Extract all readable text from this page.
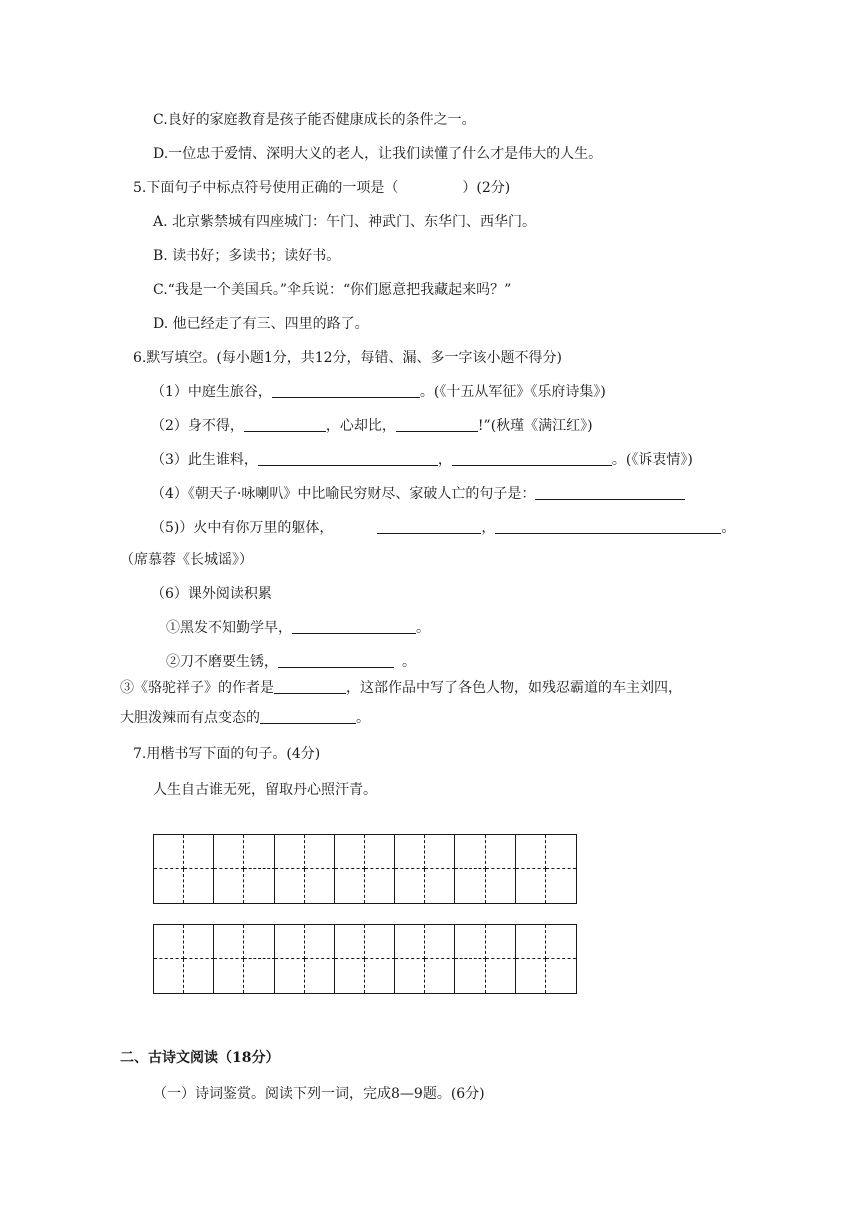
C.良好的家庭教育是孩子能否健康成长的条件之一。
D.一位忠于爱情、深明大义的老人，让我们读懂了什么才是伟大的人生。
5.下面句子中标点符号使用正确的一项是（	）(2分)
A. 北京紫禁城有四座城门：午门、神武门、东华门、西华门。
B. 读书好；多读书；读好书。
C.“我是一个美国兵。”伞兵说：“你们愿意把我藏起来吗？”
D. 他已经走了有三、四里的路了。
6.默写填空。(每小题1分，共12分，每错、漏、多一字该小题不得分)
（1）中庭生旅谷，	。(《十五从军征》《乐府诗集》)
（2）身不得，	，心却比，	!”(秋瑾《满江红》)
（3）此生谁料，	，	。(《诉衷情》)
（4）《朝天子·咏喇叭》中比喻民穷财尽、家破人亡的句子是：
（5)）火中有你万里的躯体，	，	。
（席慕蓉《长城谣》）
（6）课外阅读积累
①黑发不知勤学早，	。
②刀不磨要生锈，	。
③《骆驼祥子》的作者是	，这部作品中写了各色人物，如残忍霸道的车主刘四，
大胆泼辣而有点变态的	。
7.用楷书写下面的句子。(4分)
人生自古谁无死，留取丹心照汗青。
二、古诗文阅读（18分）
（一）诗词鉴赏。阅读下列一词，完成8—9题。(6分)
